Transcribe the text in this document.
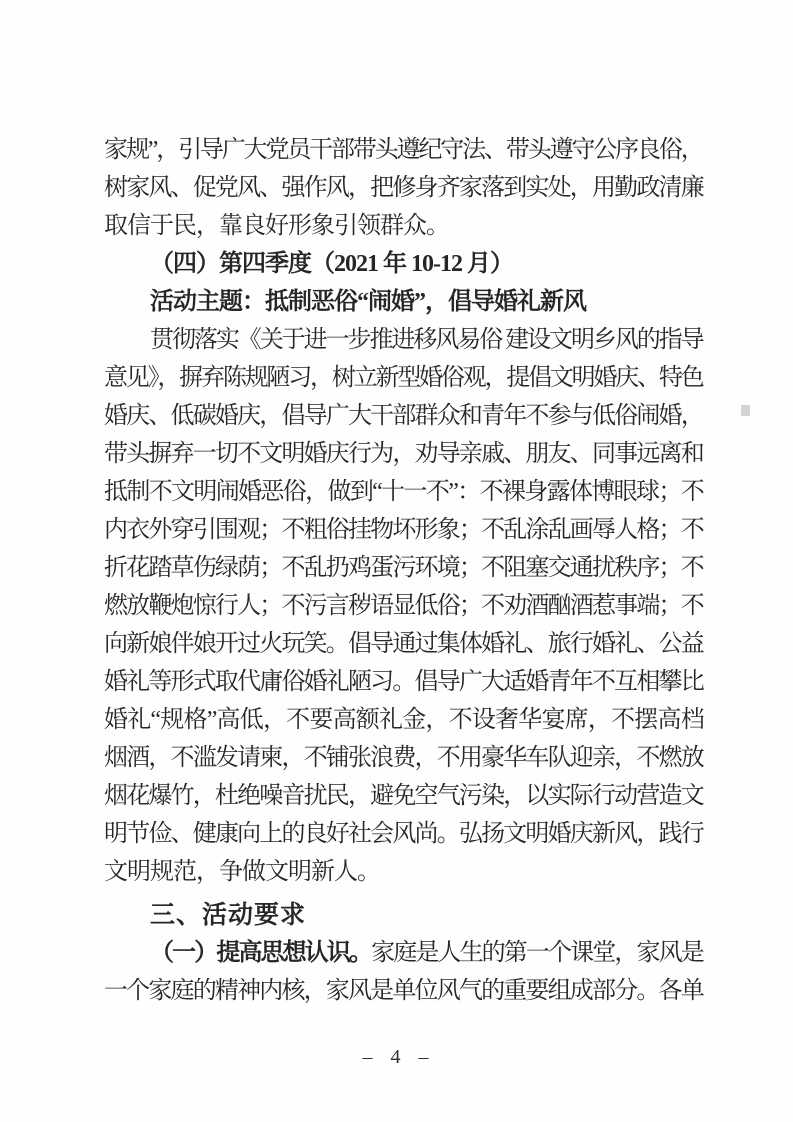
家规”，引导广大党员干部带头遵纪守法、带头遵守公序良俗，
树家风、促党风、强作风，把修身齐家落到实处，用勤政清廉
取信于民，靠良好形象引领群众。
（四）第四季度（2021 年 10-12 月）
活动主题：抵制恶俗“闹婚”，倡导婚礼新风
贯彻落实《关于进一步推进移风易俗 建设文明乡风的指导
意见》，摒弃陈规陋习，树立新型婚俗观，提倡文明婚庆、特色
婚庆、低碳婚庆，倡导广大干部群众和青年不参与低俗闹婚，
带头摒弃一切不文明婚庆行为，劝导亲戚、朋友、同事远离和
抵制不文明闹婚恶俗，做到“十一不”：不裸身露体博眼球；不
内衣外穿引围观；不粗俗挂物坏形象；不乱涂乱画辱人格；不
折花踏草伤绿荫；不乱扔鸡蛋污环境；不阻塞交通扰秩序；不
燃放鞭炮惊行人；不污言秽语显低俗；不劝酒酗酒惹事端；不
向新娘伴娘开过火玩笑。倡导通过集体婚礼、旅行婚礼、公益
婚礼等形式取代庸俗婚礼陋习。倡导广大适婚青年不互相攀比
婚礼“规格”高低，不要高额礼金，不设奢华宴席，不摆高档
烟酒，不滥发请柬，不铺张浪费，不用豪华车队迎亲，不燃放
烟花爆竹，杜绝噪音扰民，避免空气污染，以实际行动营造文
明节俭、健康向上的良好社会风尚。弘扬文明婚庆新风，践行
文明规范，争做文明新人。
三、活动要求
（一）提高思想认识。家庭是人生的第一个课堂，家风是
一个家庭的精神内核，家风是单位风气的重要组成部分。各单
– 4 –
